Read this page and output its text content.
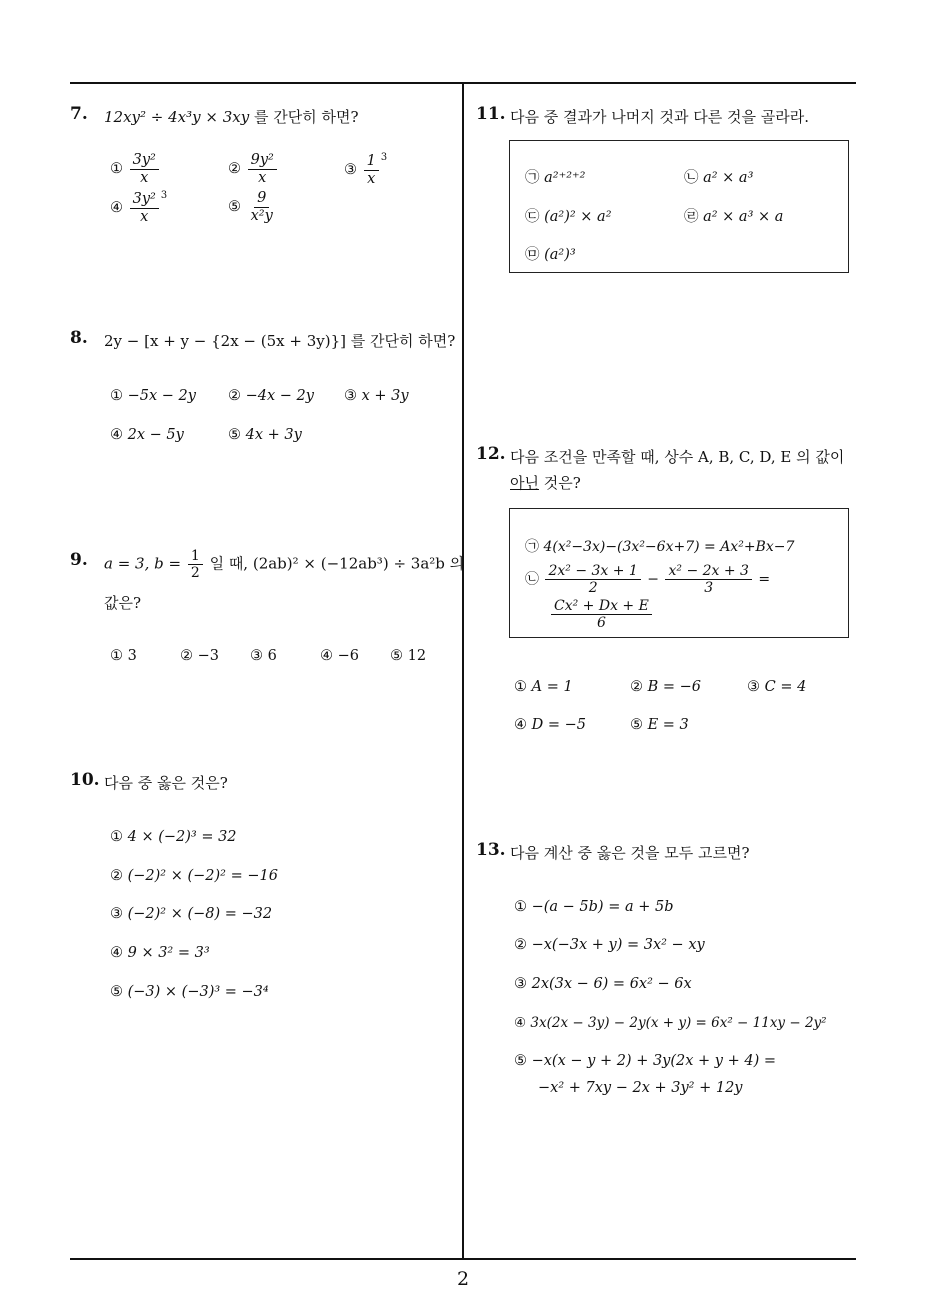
2
7. 12xy² ÷ 4x³y × 3xy 를 간단히 하면?
① $\frac{\text{3y²}}{x}$	② $\frac{\text{9y²}}{x}$	③ $\frac{1}{x} ^3$
④ $\frac{\text{3y²}}{x} ^3$
⑤ $\frac{9}{\text{x²y}}$
8. 2y − [x + y − {2x − (5x + 3y)}] 를 간단히 하면?
① −5x − 2y ② −4x − 2y ③ x + 3y
④ 2x − 5y	⑤ 4x + 3y
9. a = 3, $b = \frac{1}{2}$ 일 때, (2ab)² × (−12ab³) ÷ 3a²b 의
값은?
① 3	② −3 ③ 6	④ −6 ⑤ 12
10. 다음 중 옳은 것은?
① 4 × (−2)³ = 32
② (−2)² × (−2)² = −16
③ (−2)² × (−8) = −32
④ 9 × 3² = 3³
⑤ (−3) × (−3)³ = −3⁴
11. 다음 중 결과가 나머지 것과 다른 것을 골라라.
㉠ a²⁺²⁺²	㉡ a² × a³
㉢ (a²)² × a²	㉣ a² × a³ × a
㉤ (a²)³
12. 다음 조건을 만족할 때, 상수 A, B, C, D, E 의 값이
아닌 것은?
㉠ 4(x²−3x)−(3x²−6x+7) = Ax²+Bx−7
㉡ $\frac{\text{2x² − 3x + 1}}{2} - \frac{\text{x² − 2x + 3}}{3}$ =
$\frac{\text{Cx² + Dx + E}}{6}$
① A = 1	② B = −6	③ C = 4
④ D = −5	⑤ E = 3
13. 다음 계산 중 옳은 것을 모두 고르면?
① −(a − 5b) = a + 5b
② −x(−3x + y) = 3x² − xy
③ 2x(3x − 6) = 6x² − 6x
④ 3x(2x − 3y) − 2y(x + y) = 6x² − 11xy − 2y²
⑤ −x(x − y + 2) + 3y(2x + y + 4) =
−x² + 7xy − 2x + 3y² + 12y
